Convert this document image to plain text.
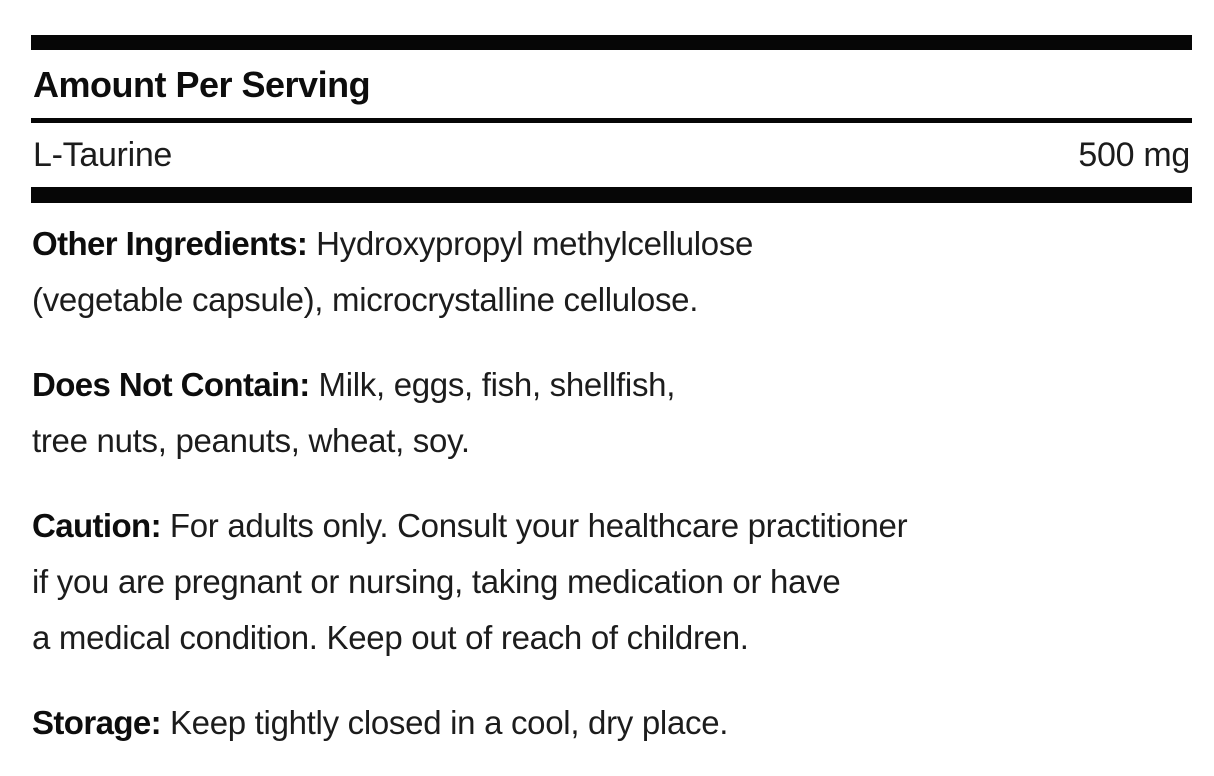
Amount Per Serving
L-Taurine	500 mg

Other Ingredients: Hydroxypropyl methylcellulose
(vegetable capsule), microcrystalline cellulose.

Does Not Contain: Milk, eggs, fish, shellfish,
tree nuts, peanuts, wheat, soy.

Caution: For adults only. Consult your healthcare practitioner
if you are pregnant or nursing, taking medication or have
a medical condition. Keep out of reach of children.

Storage: Keep tightly closed in a cool, dry place.
